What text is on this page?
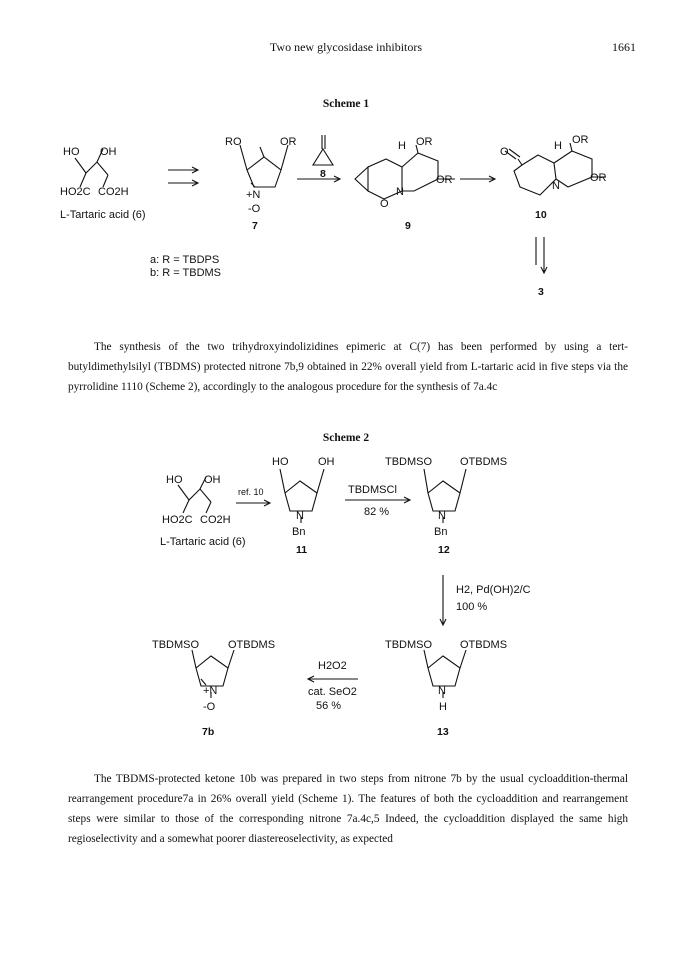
Two new glycosidase inhibitors	1661
Scheme 1
HO OH
HO2C CO2H
L-Tartaric acid (6)
RO	OR
+N
-O
7
8
H OR
OR
O
N
9
O	H OR
OR
N
10
a: R = TBDPS
b: R = TBDMS
3
The synthesis of the two trihydroxyindolizidines epimeric at C(7) has been performed by using a tert-butyldimethylsilyl (TBDMS) protected nitrone 7b,9 obtained in 22% overall yield from L-tartaric acid in five steps via the pyrrolidine 1110 (Scheme 2), accordingly to the analogous procedure for the synthesis of 7a.4c
Scheme 2
HO OH
HO2C CO2H
L-Tartaric acid (6)
ref. 10
HO	OH
N
Bn
11
TBDMSCl
82 %
TBDMSO	OTBDMS
N
Bn
12
H2, Pd(OH)2/C
100 %
TBDMSO	OTBDMS
N
H
13
H2O2
cat. SeO2
56 %
TBDMSO	OTBDMS
+N
-O
7b
The TBDMS-protected ketone 10b was prepared in two steps from nitrone 7b by the usual cycloaddition-thermal rearrangement procedure7a in 26% overall yield (Scheme 1). The features of both the cycloaddition and rearrangement steps were similar to those of the corresponding nitrone 7a.4c,5 Indeed, the cycloaddition displayed the same high regioselectivity and a somewhat poorer diastereoselectivity, as expected
